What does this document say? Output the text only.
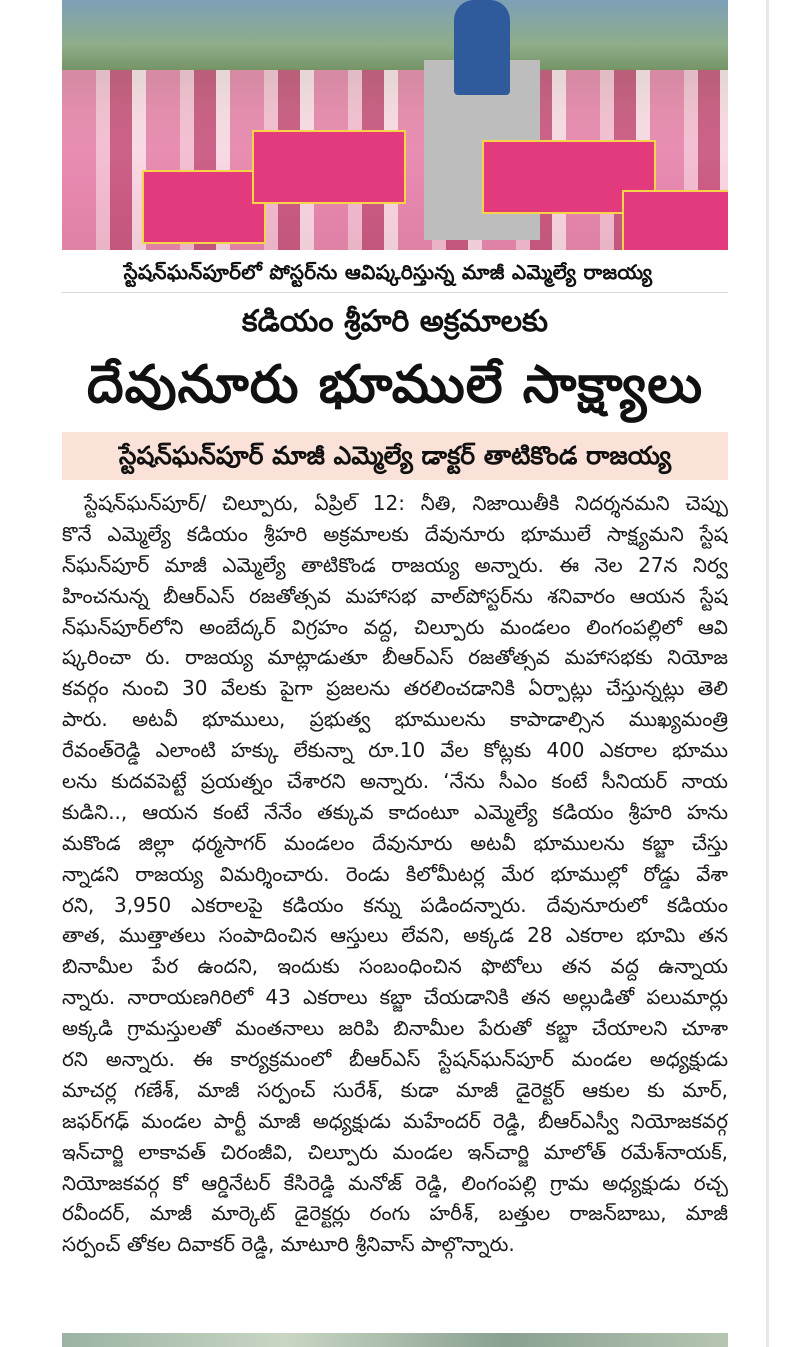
స్టేషన్‌ఘన్‌పూర్‌లో పోస్టర్‌ను ఆవిష్కరిస్తున్న మాజీ ఎమ్మెల్యే రాజయ్య
కడియం శ్రీహరి అక్రమాలకు
దేవునూరు భూములే సాక్ష్యాలు
స్టేషన్‌ఘన్‌పూర్ మాజీ ఎమ్మెల్యే డాక్టర్ తాటికొండ రాజయ్య
స్టేషన్‌ఘన్‌పూర్/ చిల్పూరు, ఏప్రిల్ 12: నీతి, నిజాయితీకి నిదర్శనమని చెప్పు
కొనే ఎమ్మెల్యే కడియం శ్రీహరి అక్రమాలకు దేవునూరు భూములే సాక్ష్యమని స్టేష
న్‌ఘన్‌పూర్ మాజీ ఎమ్మెల్యే తాటికొండ రాజయ్య అన్నారు. ఈ నెల 27న నిర్వ
హించనున్న బీఆర్‌ఎస్ రజతోత్సవ మహాసభ వాల్‌పోస్టర్‌ను శనివారం ఆయన స్టేష
న్‌ఘన్‌పూర్‌లోని అంబేద్కర్ విగ్రహం వద్ద, చిల్పూరు మండలం లింగంపల్లిలో ఆవి
ష్కరించా రు. రాజయ్య మాట్లాడుతూ బీఆర్‌ఎస్ రజతోత్సవ మహాసభకు నియోజ
కవర్గం నుంచి 30 వేలకు పైగా ప్రజలను తరలించడానికి ఏర్పాట్లు చేస్తున్నట్లు తెలి
పారు. అటవీ భూములు, ప్రభుత్వ భూములను కాపాడాల్సిన ముఖ్యమంత్రి
రేవంత్‌రెడ్డి ఎలాంటి హక్కు లేకున్నా రూ.10 వేల కోట్లకు 400 ఎకరాల భూము
లను కుదవపెట్టే ప్రయత్నం చేశారని అన్నారు. ‘నేను సీఎం కంటే సీనియర్ నాయ
కుడిని.., ఆయన కంటే నేనేం తక్కువ కాదంటూ ఎమ్మెల్యే కడియం శ్రీహరి హను
మకొండ జిల్లా ధర్మసాగర్ మండలం దేవునూరు అటవీ భూములను కబ్జా చేస్తు
న్నాడని రాజయ్య విమర్శించారు. రెండు కిలోమీటర్ల మేర భూముల్లో రోడ్డు వేశా
రని, 3,950 ఎకరాలపై కడియం కన్ను పడిందన్నారు. దేవునూరులో కడియం
తాత, ముత్తాతలు సంపాదించిన ఆస్తులు లేవని, అక్కడ 28 ఎకరాల భూమి తన
బినామీల పేర ఉందని, ఇందుకు సంబంధించిన ఫొటోలు తన వద్ద ఉన్నాయ
న్నారు. నారాయణగిరిలో 43 ఎకరాలు కబ్జా చేయడానికి తన అల్లుడితో పలుమార్లు
అక్కడి గ్రామస్తులతో మంతనాలు జరిపి బినామీల పేరుతో కబ్జా చేయాలని చూశా
రని అన్నారు. ఈ కార్యక్రమంలో బీఆర్‌ఎస్ స్టేషన్‌ఘన్‌పూర్ మండల అధ్యక్షుడు
మాచర్ల గణేశ్, మాజీ సర్పంచ్ సురేశ్, కుడా మాజీ డైరెక్టర్ ఆకుల కు మార్,
జఫర్‌గఢ్ మండల పార్టీ మాజీ అధ్యక్షుడు మహేందర్ రెడ్డి, బీఆర్‌ఎస్వీ నియోజకవర్గ
ఇన్‌చార్జి లాకావత్ చిరంజీవి, చిల్పూరు మండల ఇన్‌చార్జి మాలోత్ రమేశ్‌నాయక్,
నియోజకవర్గ కో ఆర్డినేటర్ కేసిరెడ్డి మనోజ్ రెడ్డి, లింగంపల్లి గ్రామ అధ్యక్షుడు రచ్చ
రవీందర్, మాజీ మార్కెట్ డైరెక్టర్లు రంగు హరీశ్, బత్తుల రాజన్‌బాబు, మాజీ
సర్పంచ్ తోకల దివాకర్ రెడ్డి, మాటూరి శ్రీనివాస్ పాల్గొన్నారు.
